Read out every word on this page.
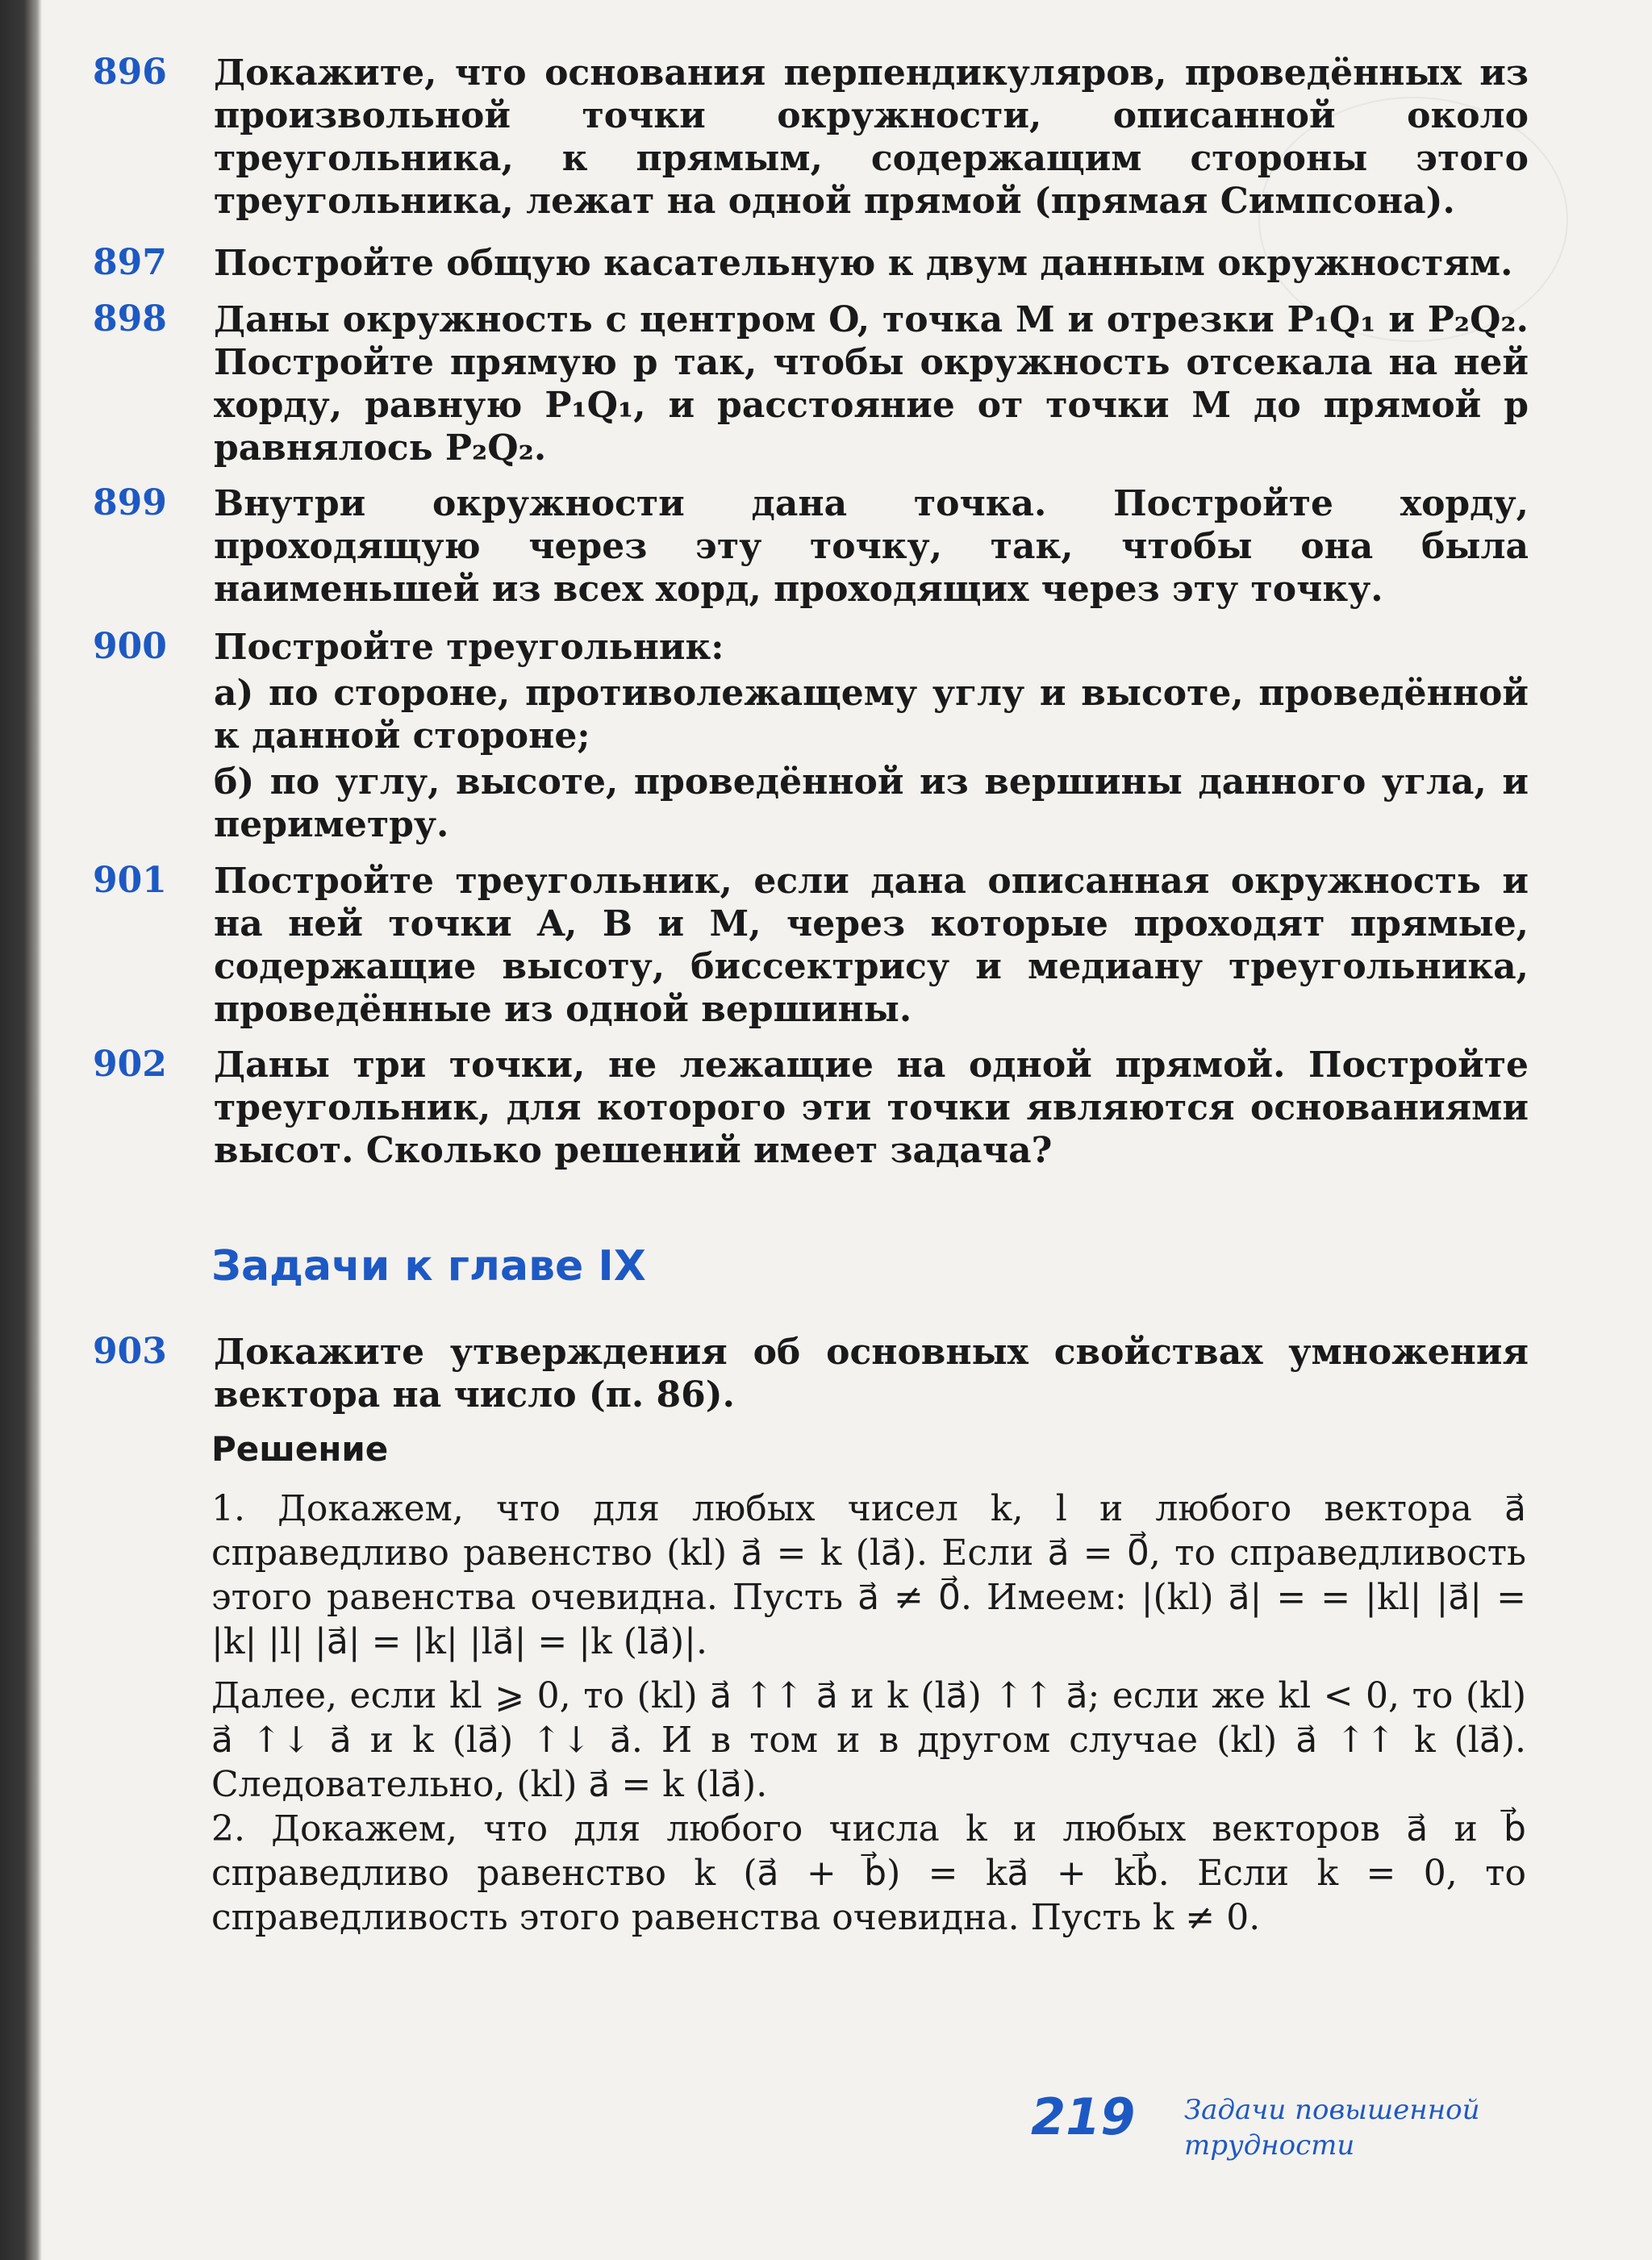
896	Докажите, что основания перпендикуляров, проведённых из произвольной точки окружности, описанной около треугольника, к прямым, содержащим стороны этого треугольника, лежат на одной прямой (прямая Симпсона).

897	Постройте общую касательную к двум данным окружностям.

898	Даны окружность с центром O, точка M и отрезки P₁Q₁ и P₂Q₂. Постройте прямую p так, чтобы окружность отсекала на ней хорду, равную P₁Q₁, и расстояние от точки M до прямой p равнялось P₂Q₂.

899	Внутри окружности дана точка. Постройте хорду, проходящую через эту точку, так, чтобы она была наименьшей из всех хорд, проходящих через эту точку.

900	Постройте треугольник:

а) по стороне, противолежащему углу и высоте, проведённой к данной стороне;

б) по углу, высоте, проведённой из вершины данного угла, и периметру.

901	Постройте треугольник, если дана описанная окружность и на ней точки A, B и M, через которые проходят прямые, содержащие высоту, биссектрису и медиану треугольника, проведённые из одной вершины.

902	Даны три точки, не лежащие на одной прямой. Постройте треугольник, для которого эти точки являются основаниями высот. Сколько решений имеет задача?

Задачи к главе IX
903	Докажите утверждения об основных свойствах умножения вектора на число (п. 86).

Решение

1. Докажем, что для любых чисел k, l и любого вектора a⃗ справедливо равенство (kl) a⃗ = k (la⃗). Если a⃗ = 0⃗, то справедливость этого равенства очевидна. Пусть a⃗ ≠ 0⃗. Имеем: |(kl) a⃗| = = |kl| |a⃗| = |k| |l| |a⃗| = |k| |la⃗| = |k (la⃗)|.

Далее, если kl ⩾ 0, то (kl) a⃗ ↑↑ a⃗ и k (la⃗) ↑↑ a⃗; если же kl < 0, то (kl) a⃗ ↑↓ a⃗ и k (la⃗) ↑↓ a⃗. И в том и в другом случае (kl) a⃗ ↑↑ k (la⃗). Следовательно, (kl) a⃗ = k (la⃗).

2. Докажем, что для любого числа k и любых векторов a⃗ и b⃗ справедливо равенство k (a⃗ + b⃗) = ka⃗ + kb⃗. Если k = 0, то справедливость этого равенства очевидна. Пусть k ≠ 0.

219 Задачи повышенной
трудности
